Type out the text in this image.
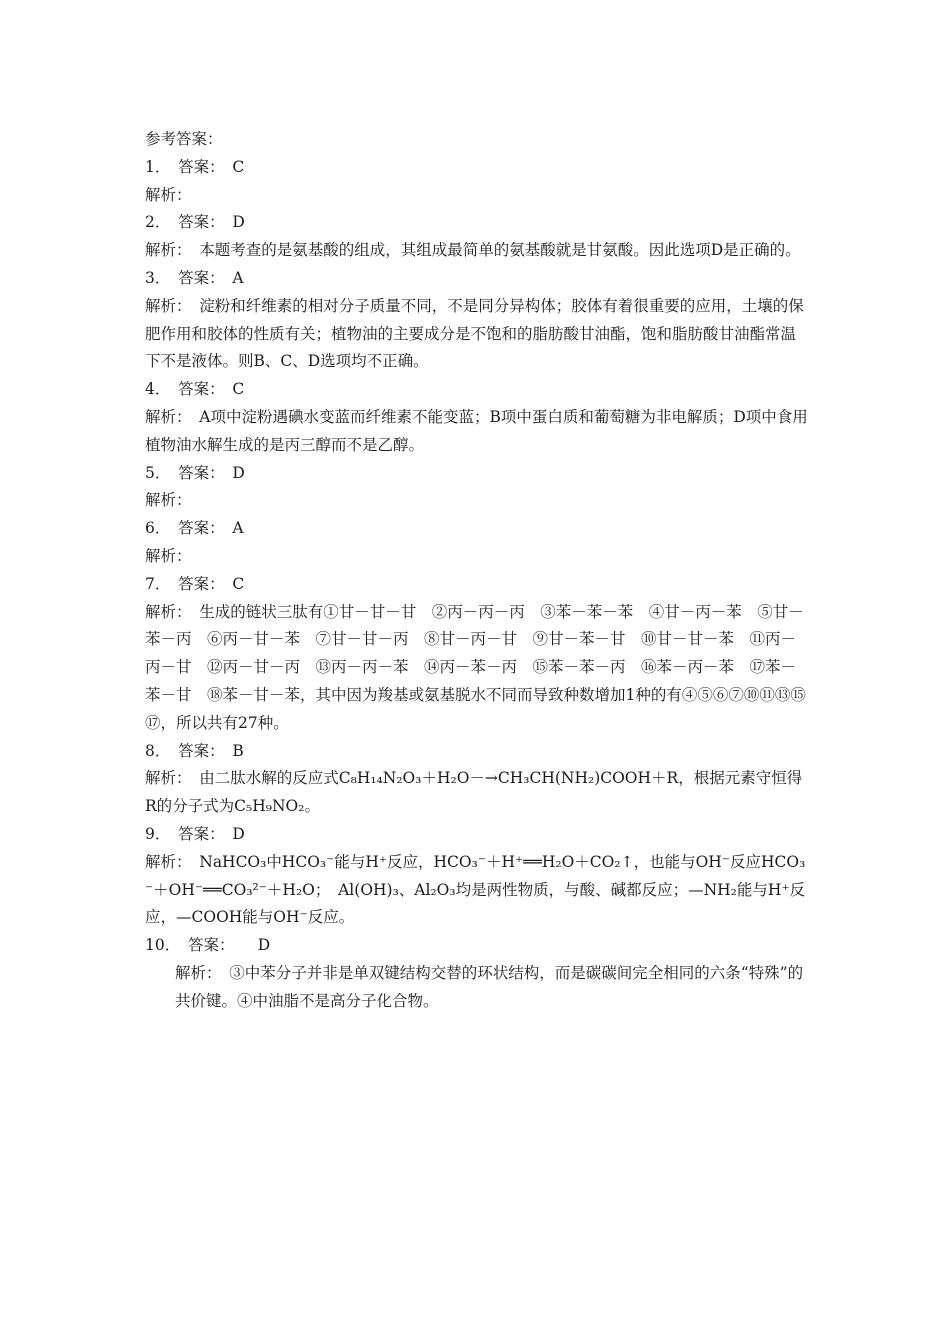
参考答案：
1．　答案：　C
解析：
2．　答案：　D
解析：　本题考查的是氨基酸的组成，其组成最简单的氨基酸就是甘氨酸。因此选项D是正确的。
3．　答案：　A
解析：　淀粉和纤维素的相对分子质量不同，不是同分异构体；胶体有着很重要的应用，土壤的保肥作用和胶体的性质有关；植物油的主要成分是不饱和的脂肪酸甘油酯，饱和脂肪酸甘油酯常温下不是液体。则B、C、D选项均不正确。
4．　答案：　C
解析：　A项中淀粉遇碘水变蓝而纤维素不能变蓝；B项中蛋白质和葡萄糖为非电解质；D项中食用植物油水解生成的是丙三醇而不是乙醇。
5．　答案：　D
解析：
6．　答案：　A
解析：
7．　答案：　C
解析：　生成的链状三肽有①甘－甘－甘　②丙－丙－丙　③苯－苯－苯　④甘－丙－苯　⑤甘－苯－丙　⑥丙－甘－苯　⑦甘－甘－丙　⑧甘－丙－甘　⑨甘－苯－甘　⑩甘－甘－苯　⑪丙－丙－甘　⑫丙－甘－丙　⑬丙－丙－苯　⑭丙－苯－丙　⑮苯－苯－丙　⑯苯－丙－苯　⑰苯－苯－甘　⑱苯－甘－苯，其中因为羧基或氨基脱水不同而导致种数增加1种的有④⑤⑥⑦⑩⑪⑬⑮⑰，所以共有27种。
8．　答案：　B
解析：　由二肽水解的反应式C₈H₁₄N₂O₃＋H₂O－→CH₃CH(NH₂)COOH＋R，根据元素守恒得R的分子式为C₅H₉NO₂。
9．　答案：　D
解析：　NaHCO₃中HCO₃⁻能与H⁺反应，HCO₃⁻＋H⁺══H₂O＋CO₂↑，也能与OH⁻反应HCO₃⁻＋OH⁻══CO₃²⁻＋H₂O；　Al(OH)₃、Al₂O₃均是两性物质，与酸、碱都反应；—NH₂能与H⁺反应，—COOH能与OH⁻反应。
10．　答案：　　D
解析：　③中苯分子并非是单双键结构交替的环状结构，而是碳碳间完全相同的六条“特殊”的共价键。④中油脂不是高分子化合物。
